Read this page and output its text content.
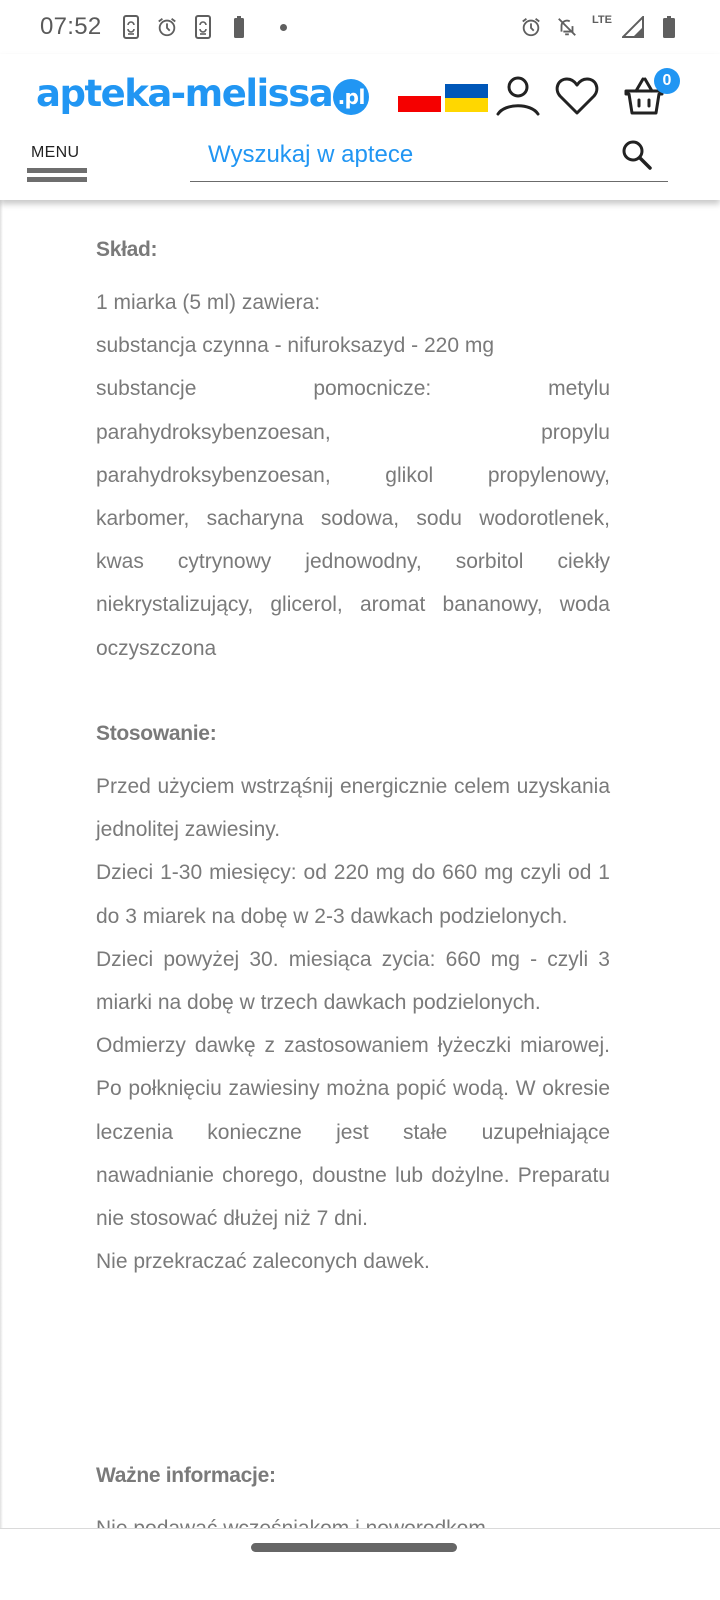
07:52	LTE
apteka-melissa .pl
0
MENU
Wyszukaj w aptece
Skład:

1 miarka (5 ml) zawiera:

substancja czynna - nifuroksazyd - 220 mg

substancje pomocnicze: metylu parahydroksybenzoesan, propylu parahydroksybenzoesan, glikol propylenowy, karbomer, sacharyna sodowa, sodu wodorotlenek, kwas cytrynowy jednowodny, sorbitol ciekły niekrystalizujący, glicerol, aromat bananowy, woda oczyszczona

Stosowanie:

Przed użyciem wstrząśnij energicznie celem uzyskania jednolitej zawiesiny.

Dzieci 1-30 miesięcy: od 220 mg do 660 mg czyli od 1 do 3 miarek na dobę w 2-3 dawkach podzielonych.

Dzieci powyżej 30. miesiąca zycia: 660 mg - czyli 3 miarki na dobę w trzech dawkach podzielonych.

Odmierzy dawkę z zastosowaniem łyżeczki miarowej. Po połknięciu zawiesiny można popić wodą. W okresie leczenia konieczne jest stałe uzupełniające nawadnianie chorego, doustne lub dożylne. Preparatu nie stosować dłużej niż 7 dni.

Nie przekraczać zaleconych dawek.

Ważne informacje:
